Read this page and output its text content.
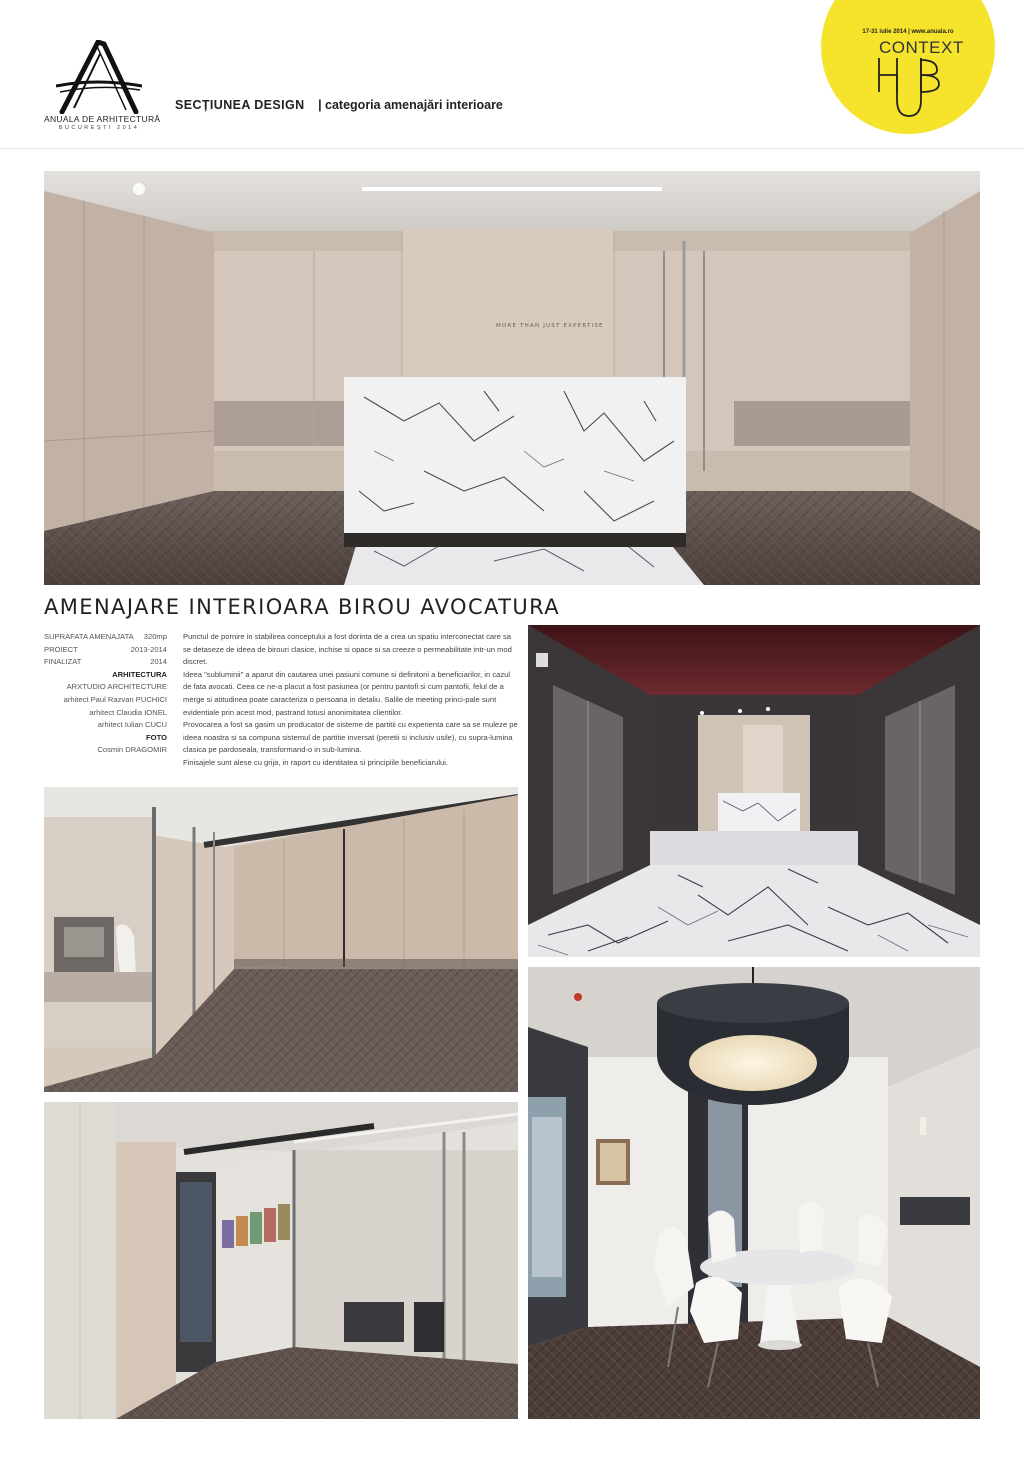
ANUALA DE ARHITECTURĂ
BUCUREȘTI 2014
SECȚIUNEA DESIGN | categoria amenajări interioare
17-31 iulie 2014 | www.anuala.ro
CONTEXT
MORE THAN JUST EXPERTISE
AMENAJARE INTERIOARA BIROU AVOCATURA
SUPRAFATA AMENAJATA 320mp
PROIECT	2013-2014
FINALIZAT	2014
ARHITECTURA
ARXTUDIO ARCHITECTURE
arhitect Paul Razvan PUCHICI
arhitect Claudia IONEL
arhitect Iulian CUCU
FOTO
Cosmin DRAGOMIR

Punctul de pornire in stabilirea conceptului a fost dorinta de a crea un spatiu interconectat care sa se detaseze de ideea de birouri clasice, inchise si opace si sa creeze o permeabilitate intr-un mod discret.

Ideea "subluminii" a aparut din cautarea unei pasiuni comune si definitorii a beneficiarilor, in cazul de fata avocati. Ceea ce ne-a placut a fost pasiunea (or pentru pantofi si cum pantofii, felul de a merge si atitudinea poate caracteriza o persoana in detaliu. Salile de meeting princi-pale sunt evidentiale prin acest mod, pastrand totusi anonimitatea clientilor.

Provocarea a fost sa gasim un producator de sisteme de partitii cu experienta care sa se muleze pe ideea noastra si sa compuna sistemul de partitie inversat (peretii si inclusiv usile), cu supra-lumina clasica pe pardoseala, transformand-o in sub-lumina.

Finisajele sunt alese cu grija, in raport cu identitatea si principiile beneficiarului.
